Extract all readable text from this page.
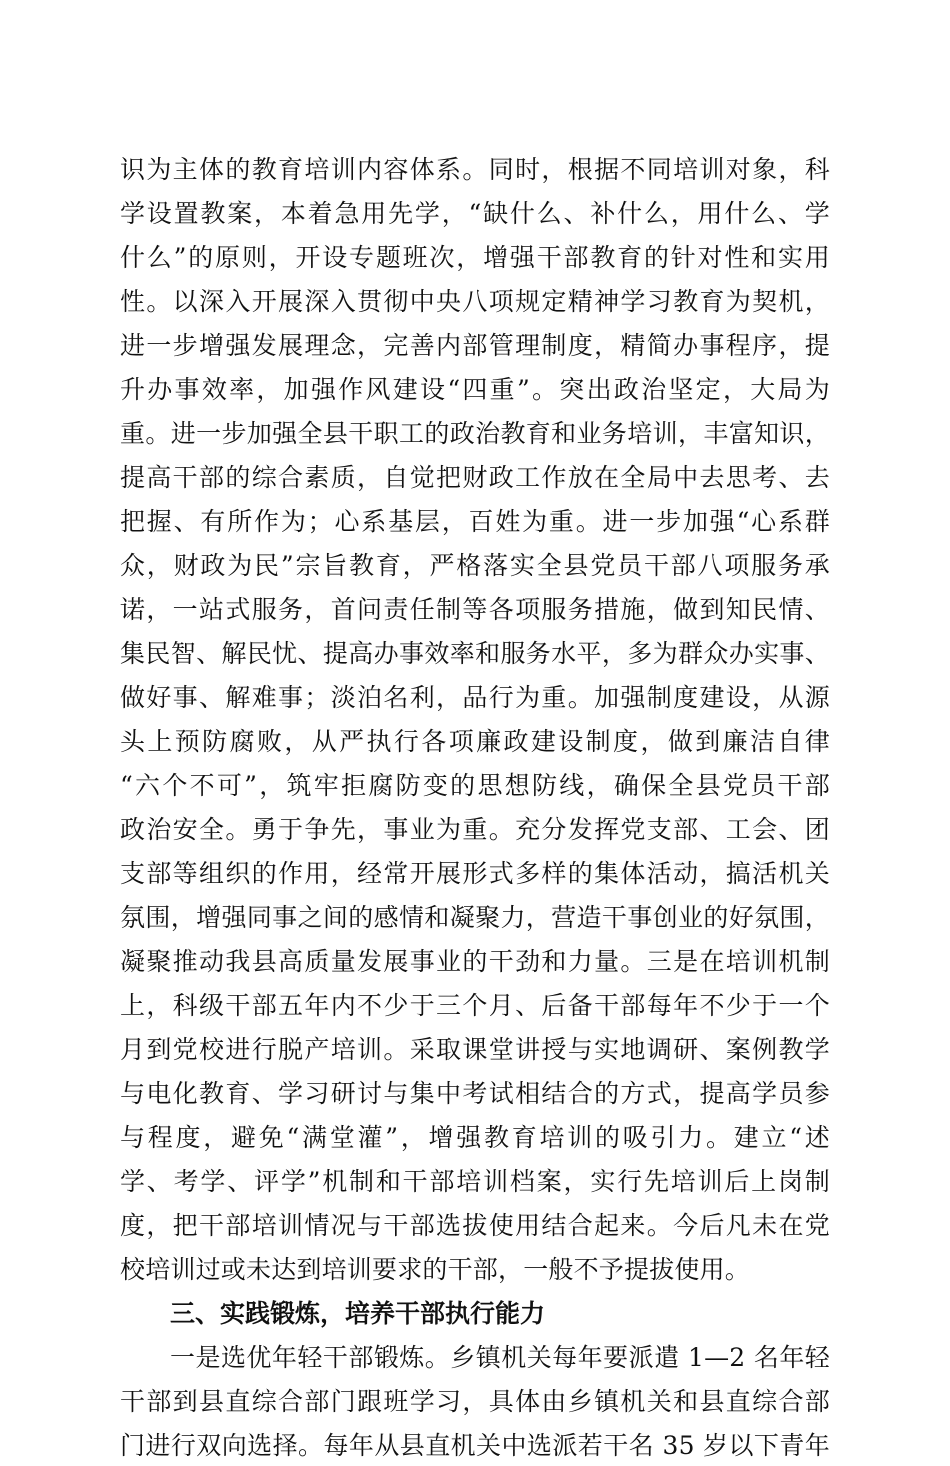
识为主体的教育培训内容体系。同时，根据不同培训对象，科
学设置教案，本着急用先学，“缺什么、补什么，用什么、学
什么”的原则，开设专题班次，增强干部教育的针对性和实用
性。以深入开展深入贯彻中央八项规定精神学习教育为契机，
进一步增强发展理念，完善内部管理制度，精简办事程序，提
升办事效率，加强作风建设“四重”。突出政治坚定，大局为
重。进一步加强全县干职工的政治教育和业务培训，丰富知识，
提高干部的综合素质，自觉把财政工作放在全局中去思考、去
把握、有所作为；心系基层，百姓为重。进一步加强“心系群
众，财政为民”宗旨教育，严格落实全县党员干部八项服务承
诺，一站式服务，首问责任制等各项服务措施，做到知民情、
集民智、解民忧、提高办事效率和服务水平，多为群众办实事、
做好事、解难事；淡泊名利，品行为重。加强制度建设，从源
头上预防腐败，从严执行各项廉政建设制度，做到廉洁自律
“六个不可”，筑牢拒腐防变的思想防线，确保全县党员干部
政治安全。勇于争先，事业为重。充分发挥党支部、工会、团
支部等组织的作用，经常开展形式多样的集体活动，搞活机关
氛围，增强同事之间的感情和凝聚力，营造干事创业的好氛围，
凝聚推动我县高质量发展事业的干劲和力量。三是在培训机制
上，科级干部五年内不少于三个月、后备干部每年不少于一个
月到党校进行脱产培训。采取课堂讲授与实地调研、案例教学
与电化教育、学习研讨与集中考试相结合的方式，提高学员参
与程度，避免“满堂灌”，增强教育培训的吸引力。建立“述
学、考学、评学”机制和干部培训档案，实行先培训后上岗制
度，把干部培训情况与干部选拔使用结合起来。今后凡未在党
校培训过或未达到培训要求的干部，一般不予提拔使用。
三、实践锻炼，培养干部执行能力
一是选优年轻干部锻炼。乡镇机关每年要派遣 1—2 名年轻
干部到县直综合部门跟班学习，具体由乡镇机关和县直综合部
门进行双向选择。每年从县直机关中选派若干名 35 岁以下青年
